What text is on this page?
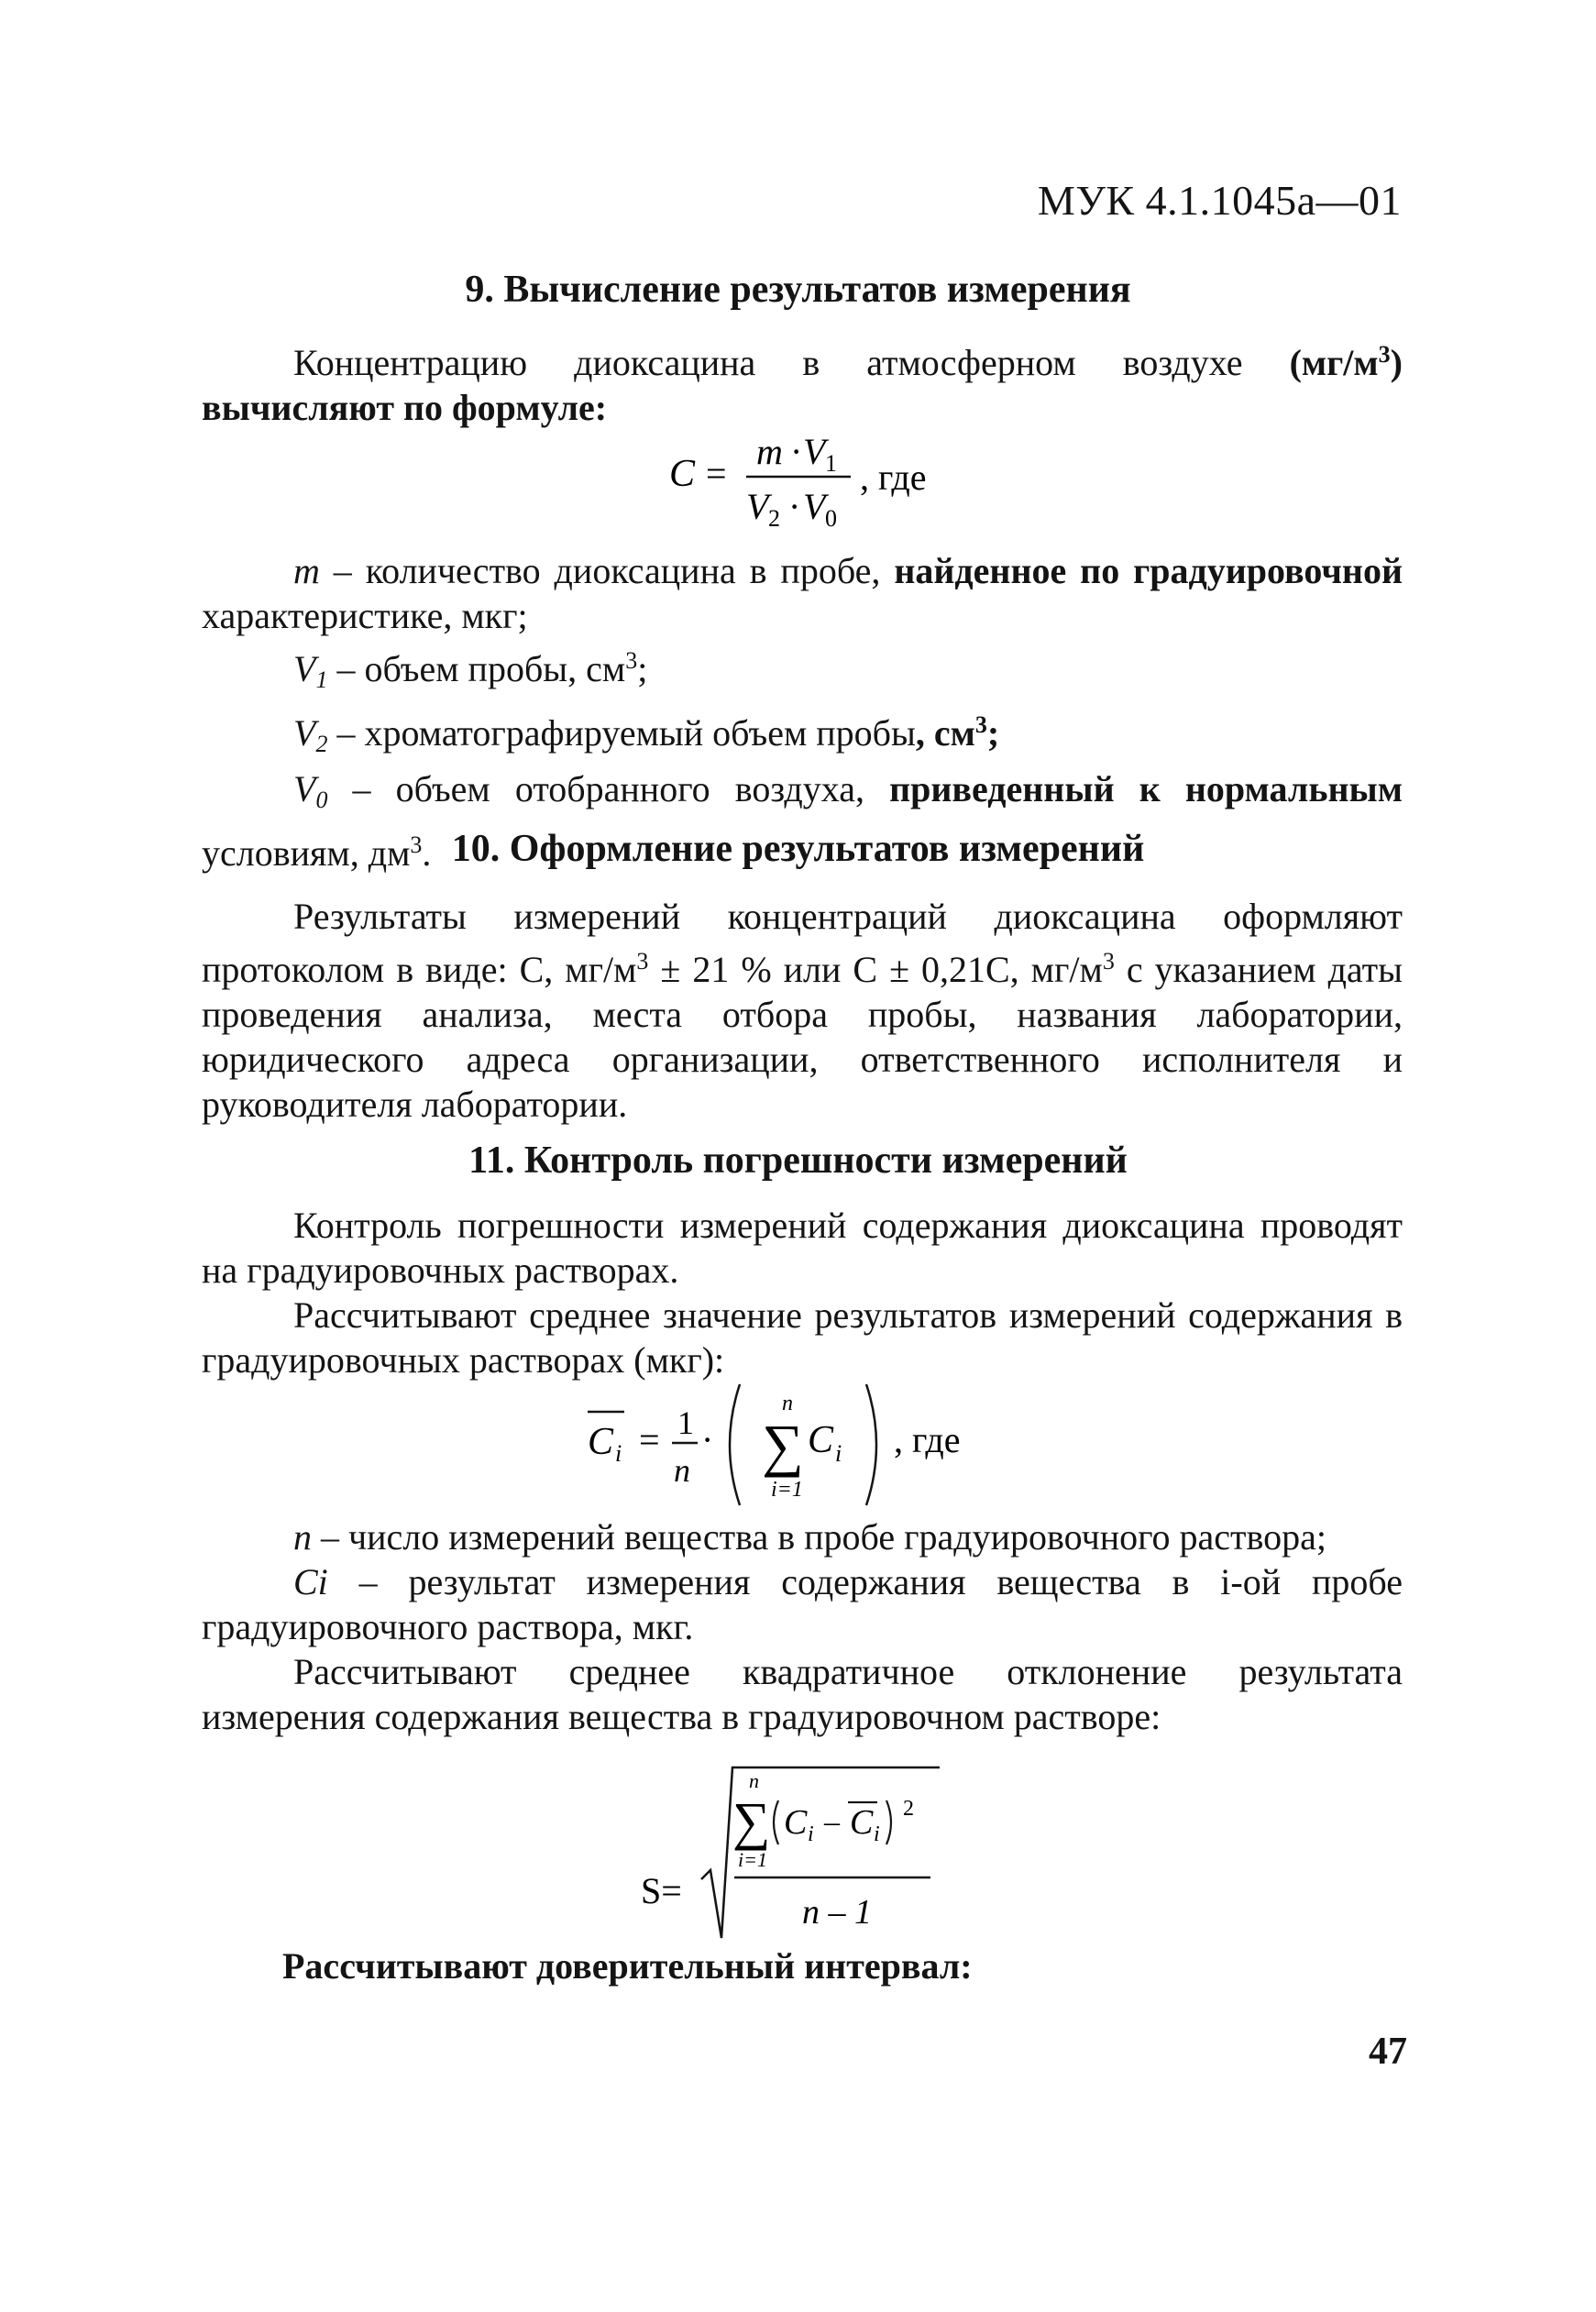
МУК 4.1.1045а—01
9. Вычисление результатов измерения

Концентрацию диоксацина в атмосферном воздухе $(мг/м^3)$ вычисляют по формуле:

C =
m · V 1
V 2 · V 0
, где

m – количество диоксацина в пробе, найденное по градуировочной характеристике, мкг;

$V_1$ – объем пробы, $см^3$;

$V_2$ – хроматографируемый объем пробы, $см^3$;

$V_0$ – объем отобранного воздуха, приведенный к нормальным условиям, $дм^3$. 10. Оформление результатов измерений

Результаты измерений концентраций диоксацина оформляют протоколом в виде: С, $мг/м^3 \pm 21$ % или С ± 0,21С, $мг/м^3$ с указанием даты проведения анализа, места отбора пробы, названия лаборатории, юридического адреса организации, ответственного исполнителя и руководителя лаборатории.

11. Контроль погрешности измерений

Контроль погрешности измерений содержания диоксацина проводят на градуировочных растворах.

Рассчитывают среднее значение результатов измерений содержания в градуировочных растворах (мкг):

C i = 1
n
·
n
∑
i=1
C i , где

n – число измерений вещества в пробе градуировочного раствора;

Ci – результат измерения содержания вещества в i-ой пробе градуировочного раствора, мкг.

Рассчитывают среднее квадратичное отклонение результата измерения содержания вещества в градуировочном растворе:

S=
n
∑
i=1
C i – C i
2
n – 1

Рассчитывают доверительный интервал:

47
